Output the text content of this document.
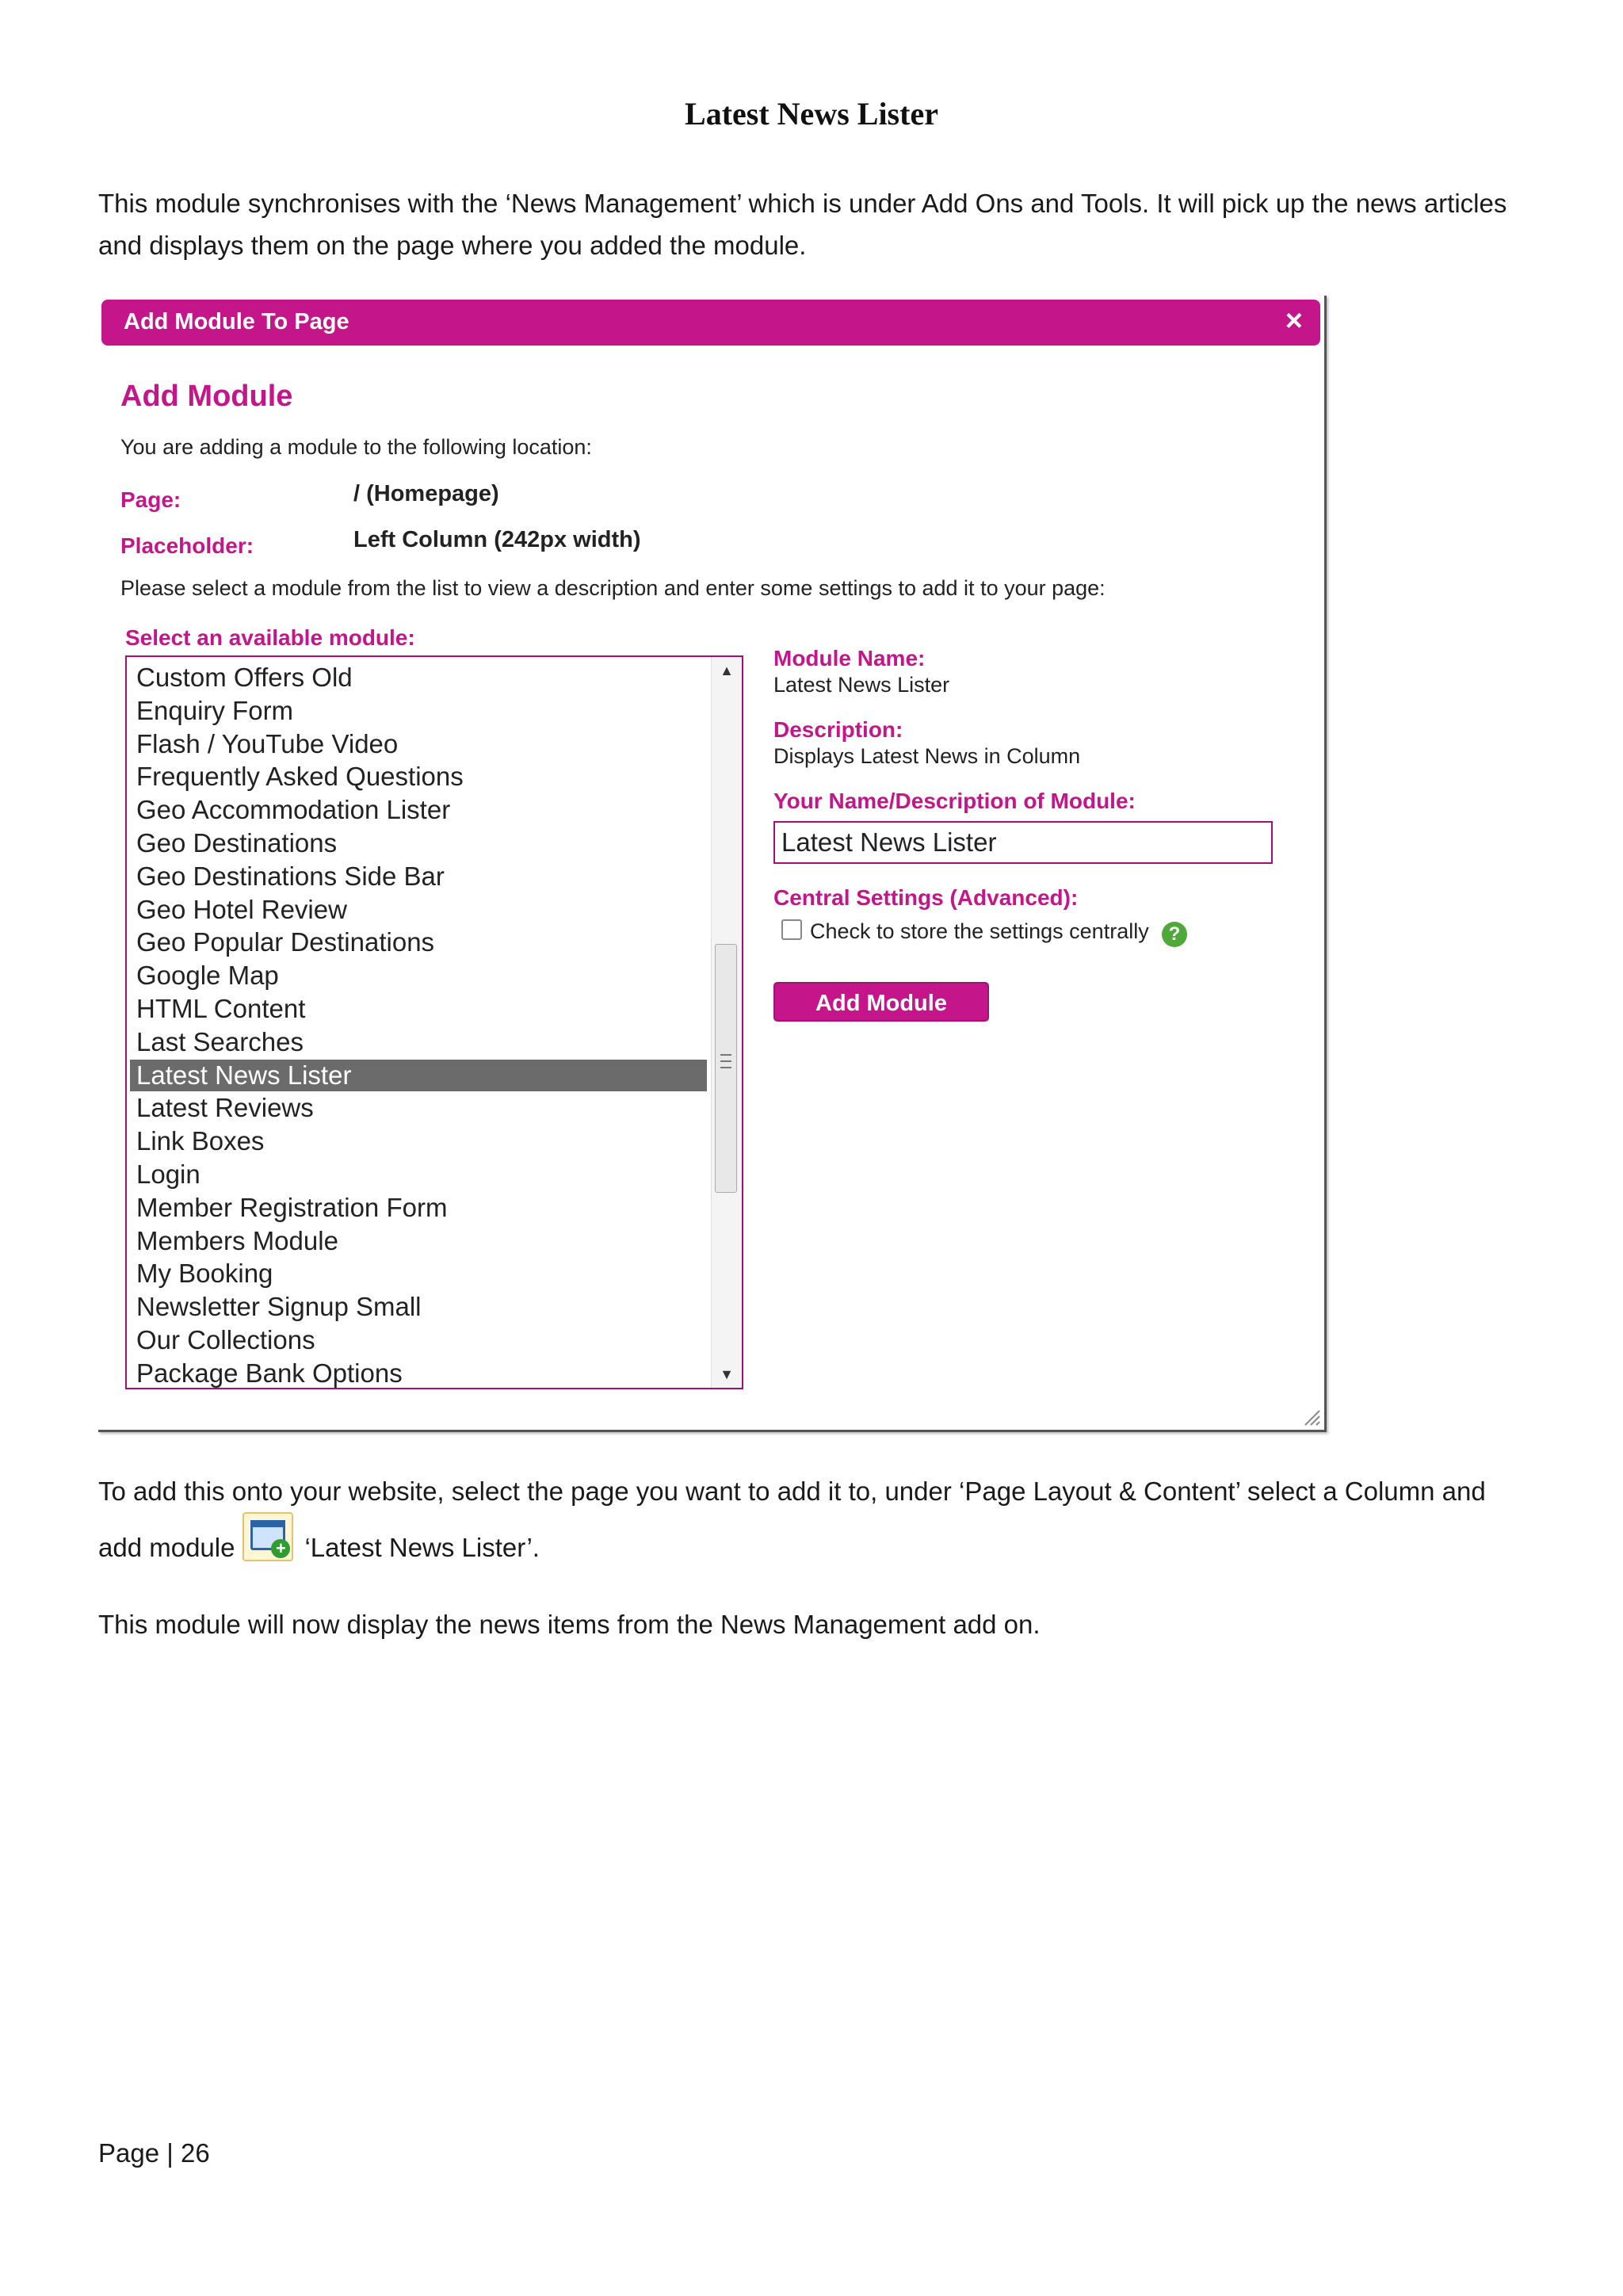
Latest News Lister
This module synchronises with the ‘News Management’ which is under Add Ons and Tools. It will pick up the news articles and displays them on the page where you added the module.
Add Module To Page	×
Add Module
You are adding a module to the following location:
Page:	/ (Homepage)
Placeholder:	Left Column (242px width)
Please select a module from the list to view a description and enter some settings to add it to your page:
Select an available module:
Custom Offers Old
Enquiry Form
Flash / YouTube Video
Frequently Asked Questions
Geo Accommodation Lister
Geo Destinations
Geo Destinations Side Bar
Geo Hotel Review
Geo Popular Destinations
Google Map
HTML Content
Last Searches
Latest News Lister
Latest Reviews
Link Boxes
Login
Member Registration Form
Members Module
My Booking
Newsletter Signup Small
Our Collections
Package Bank Options
▲
▼
Module Name:
Latest News Lister
Description:
Displays Latest News in Column
Your Name/Description of Module:
Latest News Lister
Central Settings (Advanced):
Check to store the settings centrally	?
Add Module
To add this onto your website, select the page you want to add it to, under ‘Page Layout & Content’ select a Column and add module + ‘Latest News Lister’.
This module will now display the news items from the News Management add on.
Page | 26
